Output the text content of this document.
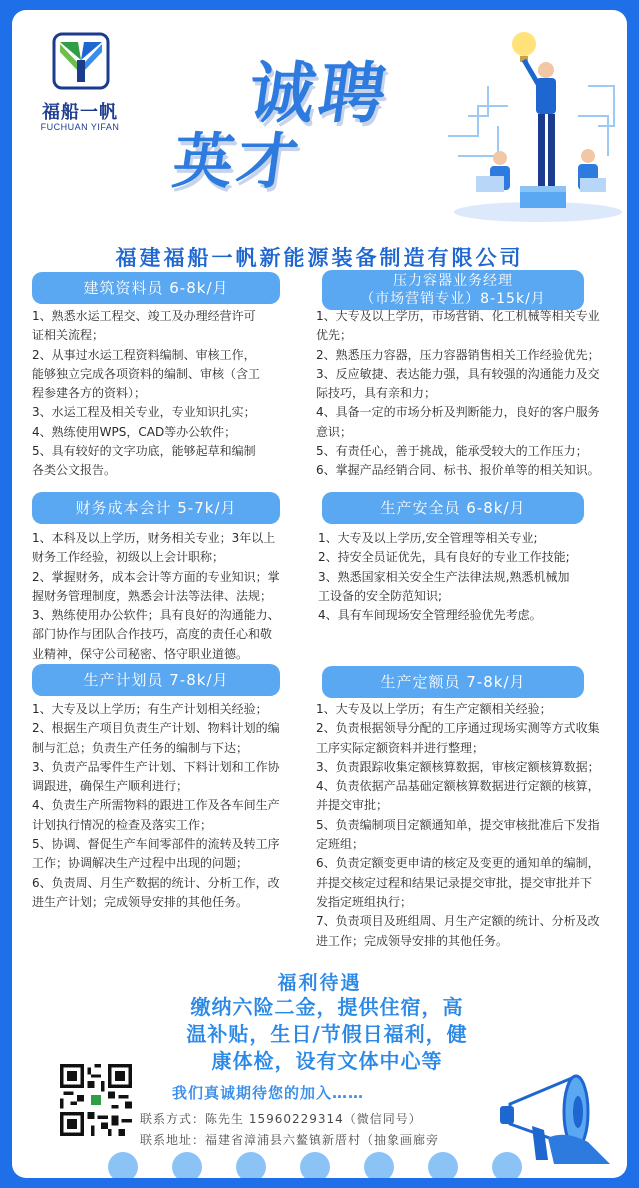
福船一帆
FUCHUAN YIFAN 诚聘
英才
福建福船一帆新能源装备制造有限公司
建筑资料员 6-8k/月

1、熟悉水运工程交、竣工及办理经营许可

证相关流程；

2、从事过水运工程资料编制、审核工作，

能够独立完成各项资料的编制、审核（含工

程参建各方的资料）；

3、水运工程及相关专业，专业知识扎实；

4、熟练使用WPS，CAD等办公软件；

5、具有较好的文字功底，能够起草和编制

各类公文报告。

压力容器业务经理
（市场营销专业）8-15k/月

1、大专及以上学历，市场营销、化工机械等相关专业

优先；

2、熟悉压力容器，压力容器销售相关工作经验优先；

3、反应敏捷、表达能力强，具有较强的沟通能力及交

际技巧，具有亲和力；

4、具备一定的市场分析及判断能力，良好的客户服务

意识；

5、有责任心，善于挑战，能承受较大的工作压力；

6、掌握产品经销合同、标书、报价单等的相关知识。

财务成本会计 5-7k/月

1、本科及以上学历，财务相关专业；3年以上

财务工作经验，初级以上会计职称；

2、掌握财务，成本会计等方面的专业知识；掌

握财务管理制度，熟悉会计法等法律、法规；

3、熟练使用办公软件；具有良好的沟通能力、

部门协作与团队合作技巧，高度的责任心和敬

业精神，保守公司秘密、恪守职业道德。

生产安全员 6-8k/月

1、大专及以上学历,安全管理等相关专业;

2、持安全员证优先，具有良好的专业工作技能;

3、熟悉国家相关安全生产法律法规,熟悉机械加

工设备的安全防范知识;

4、具有车间现场安全管理经验优先考虑。

生产计划员 7-8k/月

1、大专及以上学历；有生产计划相关经验；

2、根据生产项目负责生产计划、物料计划的编

制与汇总；负责生产任务的编制与下达；

3、负责产品零件生产计划、下料计划和工作协

调跟进，确保生产顺利进行；

4、负责生产所需物料的跟进工作及各车间生产

计划执行情况的检查及落实工作；

5、协调、督促生产车间零部件的流转及转工序

工作；协调解决生产过程中出现的问题；

6、负责周、月生产数据的统计、分析工作，改

进生产计划；完成领导安排的其他任务。

生产定额员 7-8k/月

1、大专及以上学历；有生产定额相关经验；

2、负责根据领导分配的工序通过现场实测等方式收集

工序实际定额资料并进行整理；

3、负责跟踪收集定额核算数据，审核定额核算数据；

4、负责依据产品基础定额核算数据进行定额的核算，

并提交审批；

5、负责编制项目定额通知单，提交审核批准后下发指

定班组；

6、负责定额变更申请的核定及变更的通知单的编制，

并提交核定过程和结果记录提交审批，提交审批并下

发指定班组执行；

7、负责项目及班组周、月生产定额的统计、分析及改

进工作；完成领导安排的其他任务。

福利待遇
缴纳六险二金，提供住宿，高
温补贴，生日/节假日福利，健
康体检，设有文体中心等
我们真诚期待您的加入……
联系方式：陈先生 15960229314（微信同号）
联系地址：福建省漳浦县六鳌镇新厝村（抽象画廊旁
